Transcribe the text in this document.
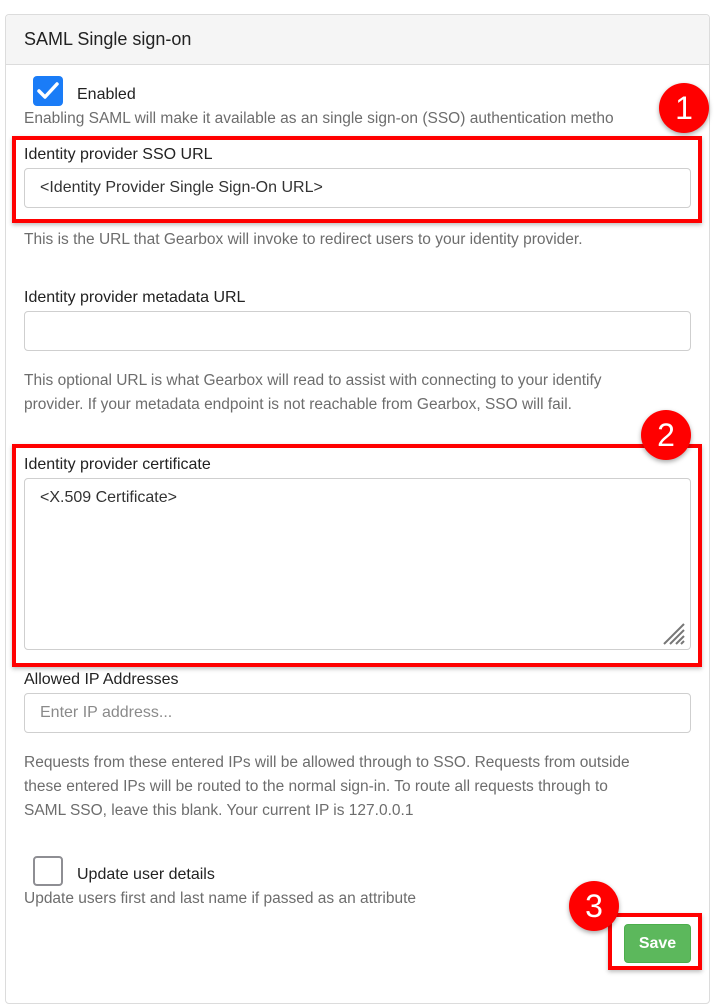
SAML Single sign-on
Enabled
Enabling SAML will make it available as an single sign-on (SSO) authentication metho
Identity provider SSO URL
<Identity Provider Single Sign-On URL>
This is the URL that Gearbox will invoke to redirect users to your identity provider.
Identity provider metadata URL
This optional URL is what Gearbox will read to assist with connecting to your identify
provider. If your metadata endpoint is not reachable from Gearbox, SSO will fail.
Identity provider certificate
<X.509 Certificate>
Allowed IP Addresses
Enter IP address...
Requests from these entered IPs will be allowed through to SSO. Requests from outside
these entered IPs will be routed to the normal sign-in. To route all requests through to
SAML SSO, leave this blank. Your current IP is 127.0.0.1
Update user details
Update users first and last name if passed as an attribute
Save
1
2
3
